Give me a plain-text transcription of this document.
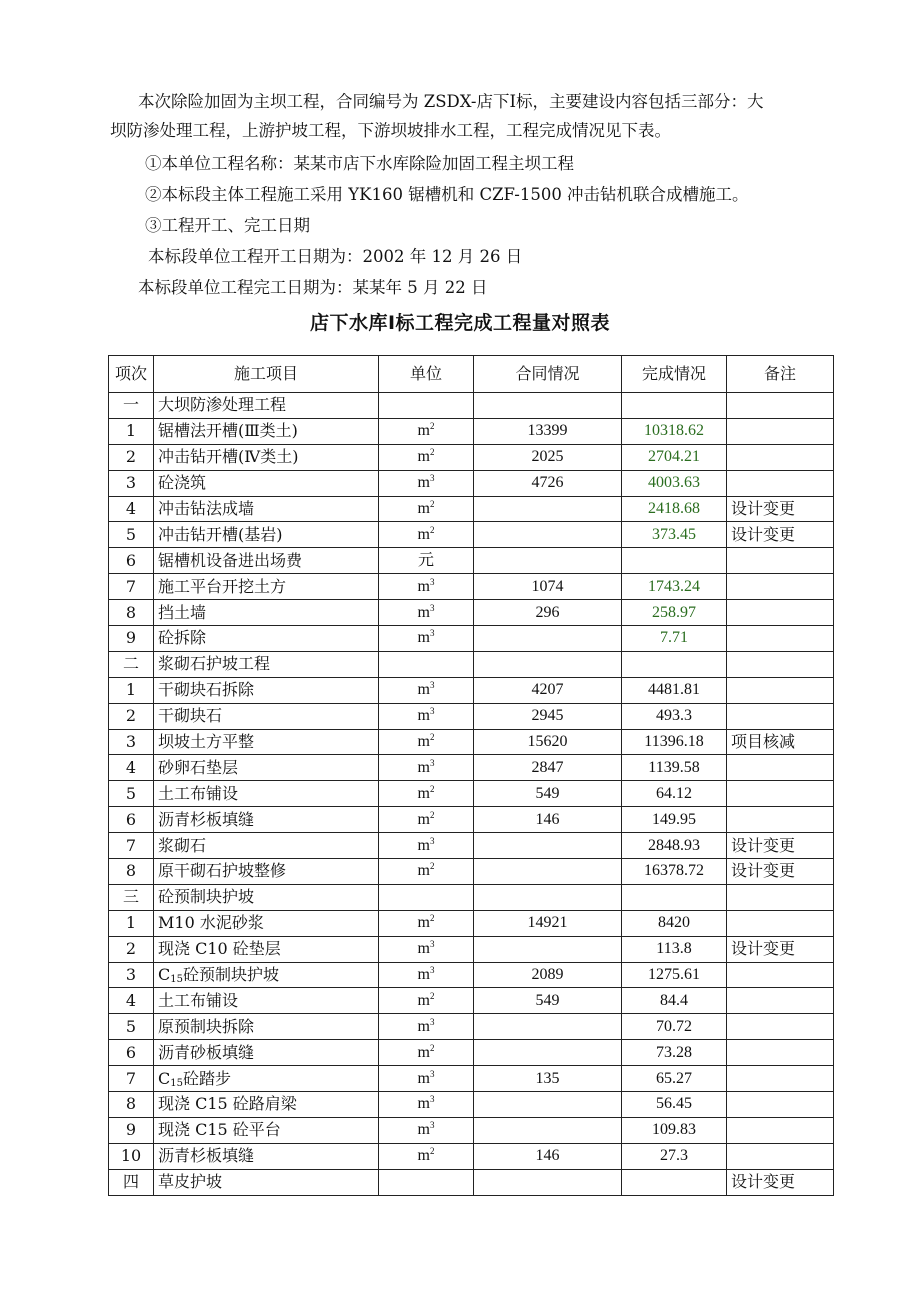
本次除险加固为主坝工程，合同编号为 ZSDX-店下Ⅰ标，主要建设内容包括三部分：大
坝防渗处理工程，上游护坡工程，下游坝坡排水工程，工程完成情况见下表。
①本单位工程名称：某某市店下水库除险加固工程主坝工程
②本标段主体工程施工采用 YK160 锯槽机和 CZF-1500 冲击钻机联合成槽施工。
③工程开工、完工日期
本标段单位工程开工日期为：2002 年 12 月 26 日
本标段单位工程完工日期为：某某年 5 月 22 日
店下水库Ⅰ标工程完成工程量对照表
项次	施工项目	单位	合同情况	完成情况	备注
一	大坝防渗处理工程				
1	锯槽法开槽(Ⅲ类土)	$m^2$	13399	10318.62	
2	冲击钻开槽(Ⅳ类土)	$m^2$	2025	2704.21	
3	砼浇筑	$m^3$	4726	4003.63	
4	冲击钻法成墙	$m^2$		2418.68	设计变更
5	冲击钻开槽(基岩)	$m^2$		373.45	设计变更
6	锯槽机设备进出场费	元			
7	施工平台开挖土方	$m^3$	1074	1743.24	
8	挡土墙	$m^3$	296	258.97	
9	砼拆除	$m^3$		7.71	
二	浆砌石护坡工程				
1	干砌块石拆除	$m^3$	4207	4481.81	
2	干砌块石	$m^3$	2945	493.3	
3	坝坡土方平整	$m^2$	15620	11396.18	项目核减
4	砂卵石垫层	$m^3$	2847	1139.58	
5	土工布铺设	$m^2$	549	64.12	
6	沥青杉板填缝	$m^2$	146	149.95	
7	浆砌石	$m^3$		2848.93	设计变更
8	原干砌石护坡整修	$m^2$		16378.72	设计变更
三	砼预制块护坡				
1	M10 水泥砂浆	$m^2$	14921	8420	
2	现浇 C10 砼垫层	$m^3$		113.8	设计变更
3	$C_{15}$砼预制块护坡	$m^3$	2089	1275.61	
4	土工布铺设	$m^2$	549	84.4	
5	原预制块拆除	$m^3$		70.72	
6	沥青砂板填缝	$m^2$		73.28	
7	$C_{15}$砼踏步	$m^3$	135	65.27	
8	现浇 C15 砼路肩梁	$m^3$		56.45	
9	现浇 C15 砼平台	$m^3$		109.83	
10	沥青杉板填缝	$m^2$	146	27.3	
四	草皮护坡				设计变更
